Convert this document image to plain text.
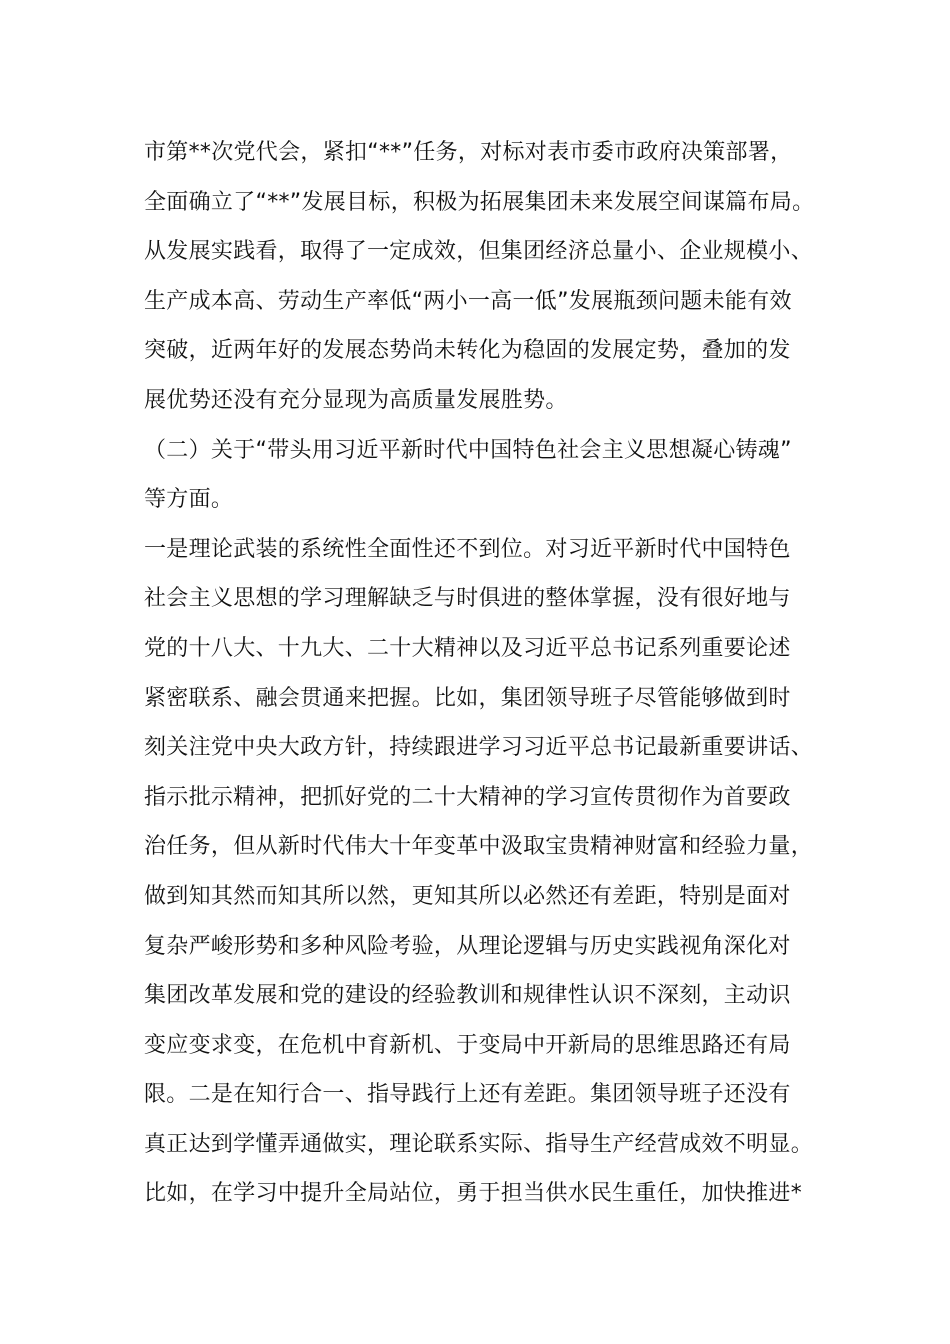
市第**次党代会，紧扣“**”任务，对标对表市委市政府决策部署，
全面确立了“**”发展目标，积极为拓展集团未来发展空间谋篇布局。
从发展实践看，取得了一定成效，但集团经济总量小、企业规模小、
生产成本高、劳动生产率低“两小一高一低”发展瓶颈问题未能有效
突破，近两年好的发展态势尚未转化为稳固的发展定势，叠加的发
展优势还没有充分显现为高质量发展胜势。
（二）关于“带头用习近平新时代中国特色社会主义思想凝心铸魂”
等方面。
一是理论武装的系统性全面性还不到位。对习近平新时代中国特色
社会主义思想的学习理解缺乏与时俱进的整体掌握，没有很好地与
党的十八大、十九大、二十大精神以及习近平总书记系列重要论述
紧密联系、融会贯通来把握。比如，集团领导班子尽管能够做到时
刻关注党中央大政方针，持续跟进学习习近平总书记最新重要讲话、
指示批示精神，把抓好党的二十大精神的学习宣传贯彻作为首要政
治任务，但从新时代伟大十年变革中汲取宝贵精神财富和经验力量，
做到知其然而知其所以然，更知其所以必然还有差距，特别是面对
复杂严峻形势和多种风险考验，从理论逻辑与历史实践视角深化对
集团改革发展和党的建设的经验教训和规律性认识不深刻，主动识
变应变求变，在危机中育新机、于变局中开新局的思维思路还有局
限。二是在知行合一、指导践行上还有差距。集团领导班子还没有
真正达到学懂弄通做实，理论联系实际、指导生产经营成效不明显。
比如，在学习中提升全局站位，勇于担当供水民生重任，加快推进*
